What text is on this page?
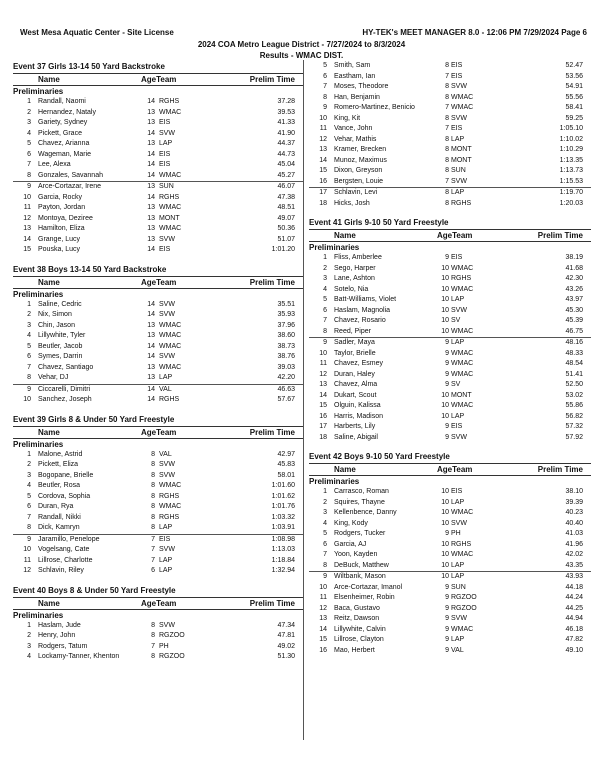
West Mesa Aquatic Center - Site License	HY-TEK's MEET MANAGER 8.0 - 12:06 PM 7/29/2024 Page 6
2024 COA Metro League District - 7/27/2024 to 8/3/2024
Results - WMAC DIST.
Event 37 Girls 13-14 50 Yard Backstroke
Name	AgeTeam	Prelim Time
Preliminaries
1 Randall, Naomi	14 RGHS	37.28
2 Hernandez, Nataly	13 WMAC	39.53
3 Gariety, Sydney	13 EIS	41.33
4 Pickett, Grace	14 SVW	41.90
5 Chavez, Arianna	13 LAP	44.37
6 Wageman, Marie	14 EIS	44.73
7 Lee, Alexa	14 EIS	45.04
8 Gonzales, Savannah	14 WMAC	45.27
9 Arce-Cortazar, Irene	13 SUN	46.07
10 Garcia, Rocky	14 RGHS	47.38
11 Payton, Jordan	13 WMAC	48.51
12 Montoya, Deziree	13 MONT	49.07
13 Hamilton, Eliza	13 WMAC	50.36
14 Grange, Lucy	13 SVW	51.07
15 Pouska, Lucy	14 EIS	1:01.20
Event 38 Boys 13-14 50 Yard Backstroke
Name	AgeTeam	Prelim Time
Preliminaries
1 Saline, Cedric	14 SVW	35.51
2 Nix, Simon	14 SVW	35.93
3 Chin, Jason	13 WMAC	37.96
4 Lillywhite, Tyler	13 WMAC	38.60
5 Beutler, Jacob	14 WMAC	38.73
6 Symes, Darrin	14 SVW	38.76
7 Chavez, Santiago	13 WMAC	39.03
8 Vehar, DJ	13 LAP	42.20
9 Ciccarelli, Dimitri	14 VAL	46.63
10 Sanchez, Joseph	14 RGHS	57.67
Event 39 Girls 8 & Under 50 Yard Freestyle
Name	AgeTeam	Prelim Time
Preliminaries
1 Malone, Astrid	8 VAL	42.97
2 Pickett, Eliza	8 SVW	45.83
3 Bogopane, Brielle	8 SVW	58.01
4 Beutler, Rosa	8 WMAC	1:01.60
5 Cordova, Sophia	8 RGHS	1:01.62
6 Duran, Rya	8 WMAC	1:01.76
7 Randall, Nikki	8 RGHS	1:03.32
8 Dick, Kamryn	8 LAP	1:03.91
9 Jaramillo, Penelope	7 EIS	1:08.98
10 Vogelsang, Cate	7 SVW	1:13.03
11 Lillrose, Charlotte	7 LAP	1:18.84
12 Schlavin, Riley	6 LAP	1:32.94
Event 40 Boys 8 & Under 50 Yard Freestyle
Name	AgeTeam	Prelim Time
Preliminaries
1 Haslam, Jude	8 SVW	47.34
2 Henry, John	8 RGZOO	47.81
3 Rodgers, Tatum	7 PH	49.02
4 Lockamy-Tanner, Khenton	8 RGZOO	51.30
5 Smith, Sam	8 EIS	52.47
6 Eastham, Ian	7 EIS	53.56
7 Moses, Theodore	8 SVW	54.91
8 Han, Benjamin	8 WMAC	55.56
9 Romero-Martinez, Benicio	7 WMAC	58.41
10 King, Kit	8 SVW	59.25
11 Vance, John	7 EIS	1:05.10
12 Vehar, Mathis	8 LAP	1:10.02
13 Kramer, Brecken	8 MONT	1:10.29
14 Munoz, Maximus	8 MONT	1:13.35
15 Dixon, Greyson	8 SUN	1:13.73
16 Bergsten, Louie	7 SVW	1:15.53
17 Schlavin, Levi	8 LAP	1:19.70
18 Hicks, Josh	8 RGHS	1:20.03
Event 41 Girls 9-10 50 Yard Freestyle
Name	AgeTeam	Prelim Time
Preliminaries
1 Fliss, Amberlee	9 EIS	38.19
2 Sego, Harper	10 WMAC	41.68
3 Lane, Ashton	10 RGHS	42.30
4 Sotelo, Nia	10 WMAC	43.26
5 Batt-Williams, Violet	10 LAP	43.97
6 Haslam, Magnolia	10 SVW	45.30
7 Chavez, Rosario	10 SV	45.39
8 Reed, Piper	10 WMAC	46.75
9 Sadler, Maya	9 LAP	48.16
10 Taylor, Brielle	9 WMAC	48.33
11 Chavez, Esmey	9 WMAC	48.54
12 Duran, Haley	9 WMAC	51.41
13 Chavez, Alma	9 SV	52.50
14 Dukart, Scout	10 MONT	53.02
15 Olguin, Kalissa	10 WMAC	55.86
16 Harris, Madison	10 LAP	56.82
17 Harberts, Lily	9 EIS	57.32
18 Saline, Abigail	9 SVW	57.92
Event 42 Boys 9-10 50 Yard Freestyle
Name	AgeTeam	Prelim Time
Preliminaries
1 Carrasco, Roman	10 EIS	38.10
2 Squires, Thayne	10 LAP	39.39
3 Kellenbence, Danny	10 WMAC	40.23
4 King, Kody	10 SVW	40.40
5 Rodgers, Tucker	9 PH	41.03
6 Garcia, AJ	10 RGHS	41.96
7 Yoon, Kayden	10 WMAC	42.02
8 DeBuck, Matthew	10 LAP	43.35
9 Wiltbank, Mason	10 LAP	43.93
10 Arce-Cortazar, Imanol	9 SUN	44.18
11 Elsenheimer, Robin	9 RGZOO	44.24
12 Baca, Gustavo	9 RGZOO	44.25
13 Reitz, Dawson	9 SVW	44.94
14 Lillywhite, Calvin	9 WMAC	46.18
15 Lillrose, Clayton	9 LAP	47.82
16 Mao, Herbert	9 VAL	49.10
